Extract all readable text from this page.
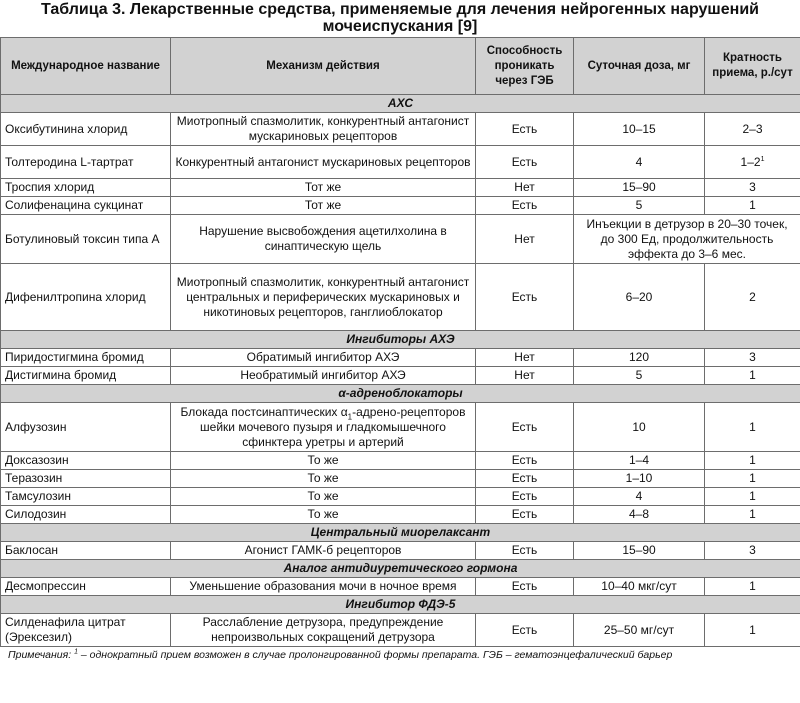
Таблица 3. Лекарственные средства, применяемые для лечения нейрогенных нарушений
мочеиспускания [9]
Международное название	Механизм действия	Способность проникать через ГЭБ	Суточная доза, мг	Кратность приема, р./сут
АХС				
Оксибутинина хлорид	Миотропный спазмолитик, конкурентный антагонист мускариновых рецепторов	Есть	10–15	2–3
Толтеродина L-тартрат	Конкурентный антагонист мускариновых рецепторов	Есть	4	$1-2^1$
Троспия хлорид	Тот же	Нет	15–90	3
Солифенацина сукцинат	Тот же	Есть	5	1
Ботулиновый токсин типа А	Нарушение высвобождения ацетилхолина в синаптическую щель	Нет	Инъекции в детрузор в 20–30 точек, до 300 Ед, продолжительность эффекта до 3–6 мес.	
Дифенилтропина хлорид	Миотропный спазмолитик, конкурентный антагонист центральных и периферических мускариновых и никотиновых рецепторов, ганглиоблокатор	Есть	6–20	2
Ингибиторы АХЭ				
Пиридостигмина бромид	Обратимый ингибитор АХЭ	Нет	120	3
Дистигмина бромид	Необратимый ингибитор АХЭ	Нет	5	1
α-адреноблокаторы				
Алфузозин	Блокада постсинаптических $\alpha_1-адрено$-рецепторов шейки мочевого пузыря и гладкомышечного сфинктера уретры и артерий	Есть	10	1
Доксазозин	То же	Есть	1–4	1
Теразозин	То же	Есть	1–10	1
Тамсулозин	То же	Есть	4	1
Силодозин	То же	Есть	4–8	1
Центральный миорелаксант				
Баклосан	Агонист ГАМК-б рецепторов	Есть	15–90	3
Аналог антидиуретического гормона				
Десмопрессин	Уменьшение образования мочи в ночное время	Есть	10–40 мкг/сут	1
Ингибитор ФДЭ-5				
Силденафила цитрат (Эрексезил)	Расслабление детрузора, предупреждение непроизвольных сокращений детрузора	Есть	25–50 мг/сут	1
Примечания: $^1$ – однократный прием возможен в случае пролонгированной формы препарата. ГЭБ – гематоэнцефалический барьер
